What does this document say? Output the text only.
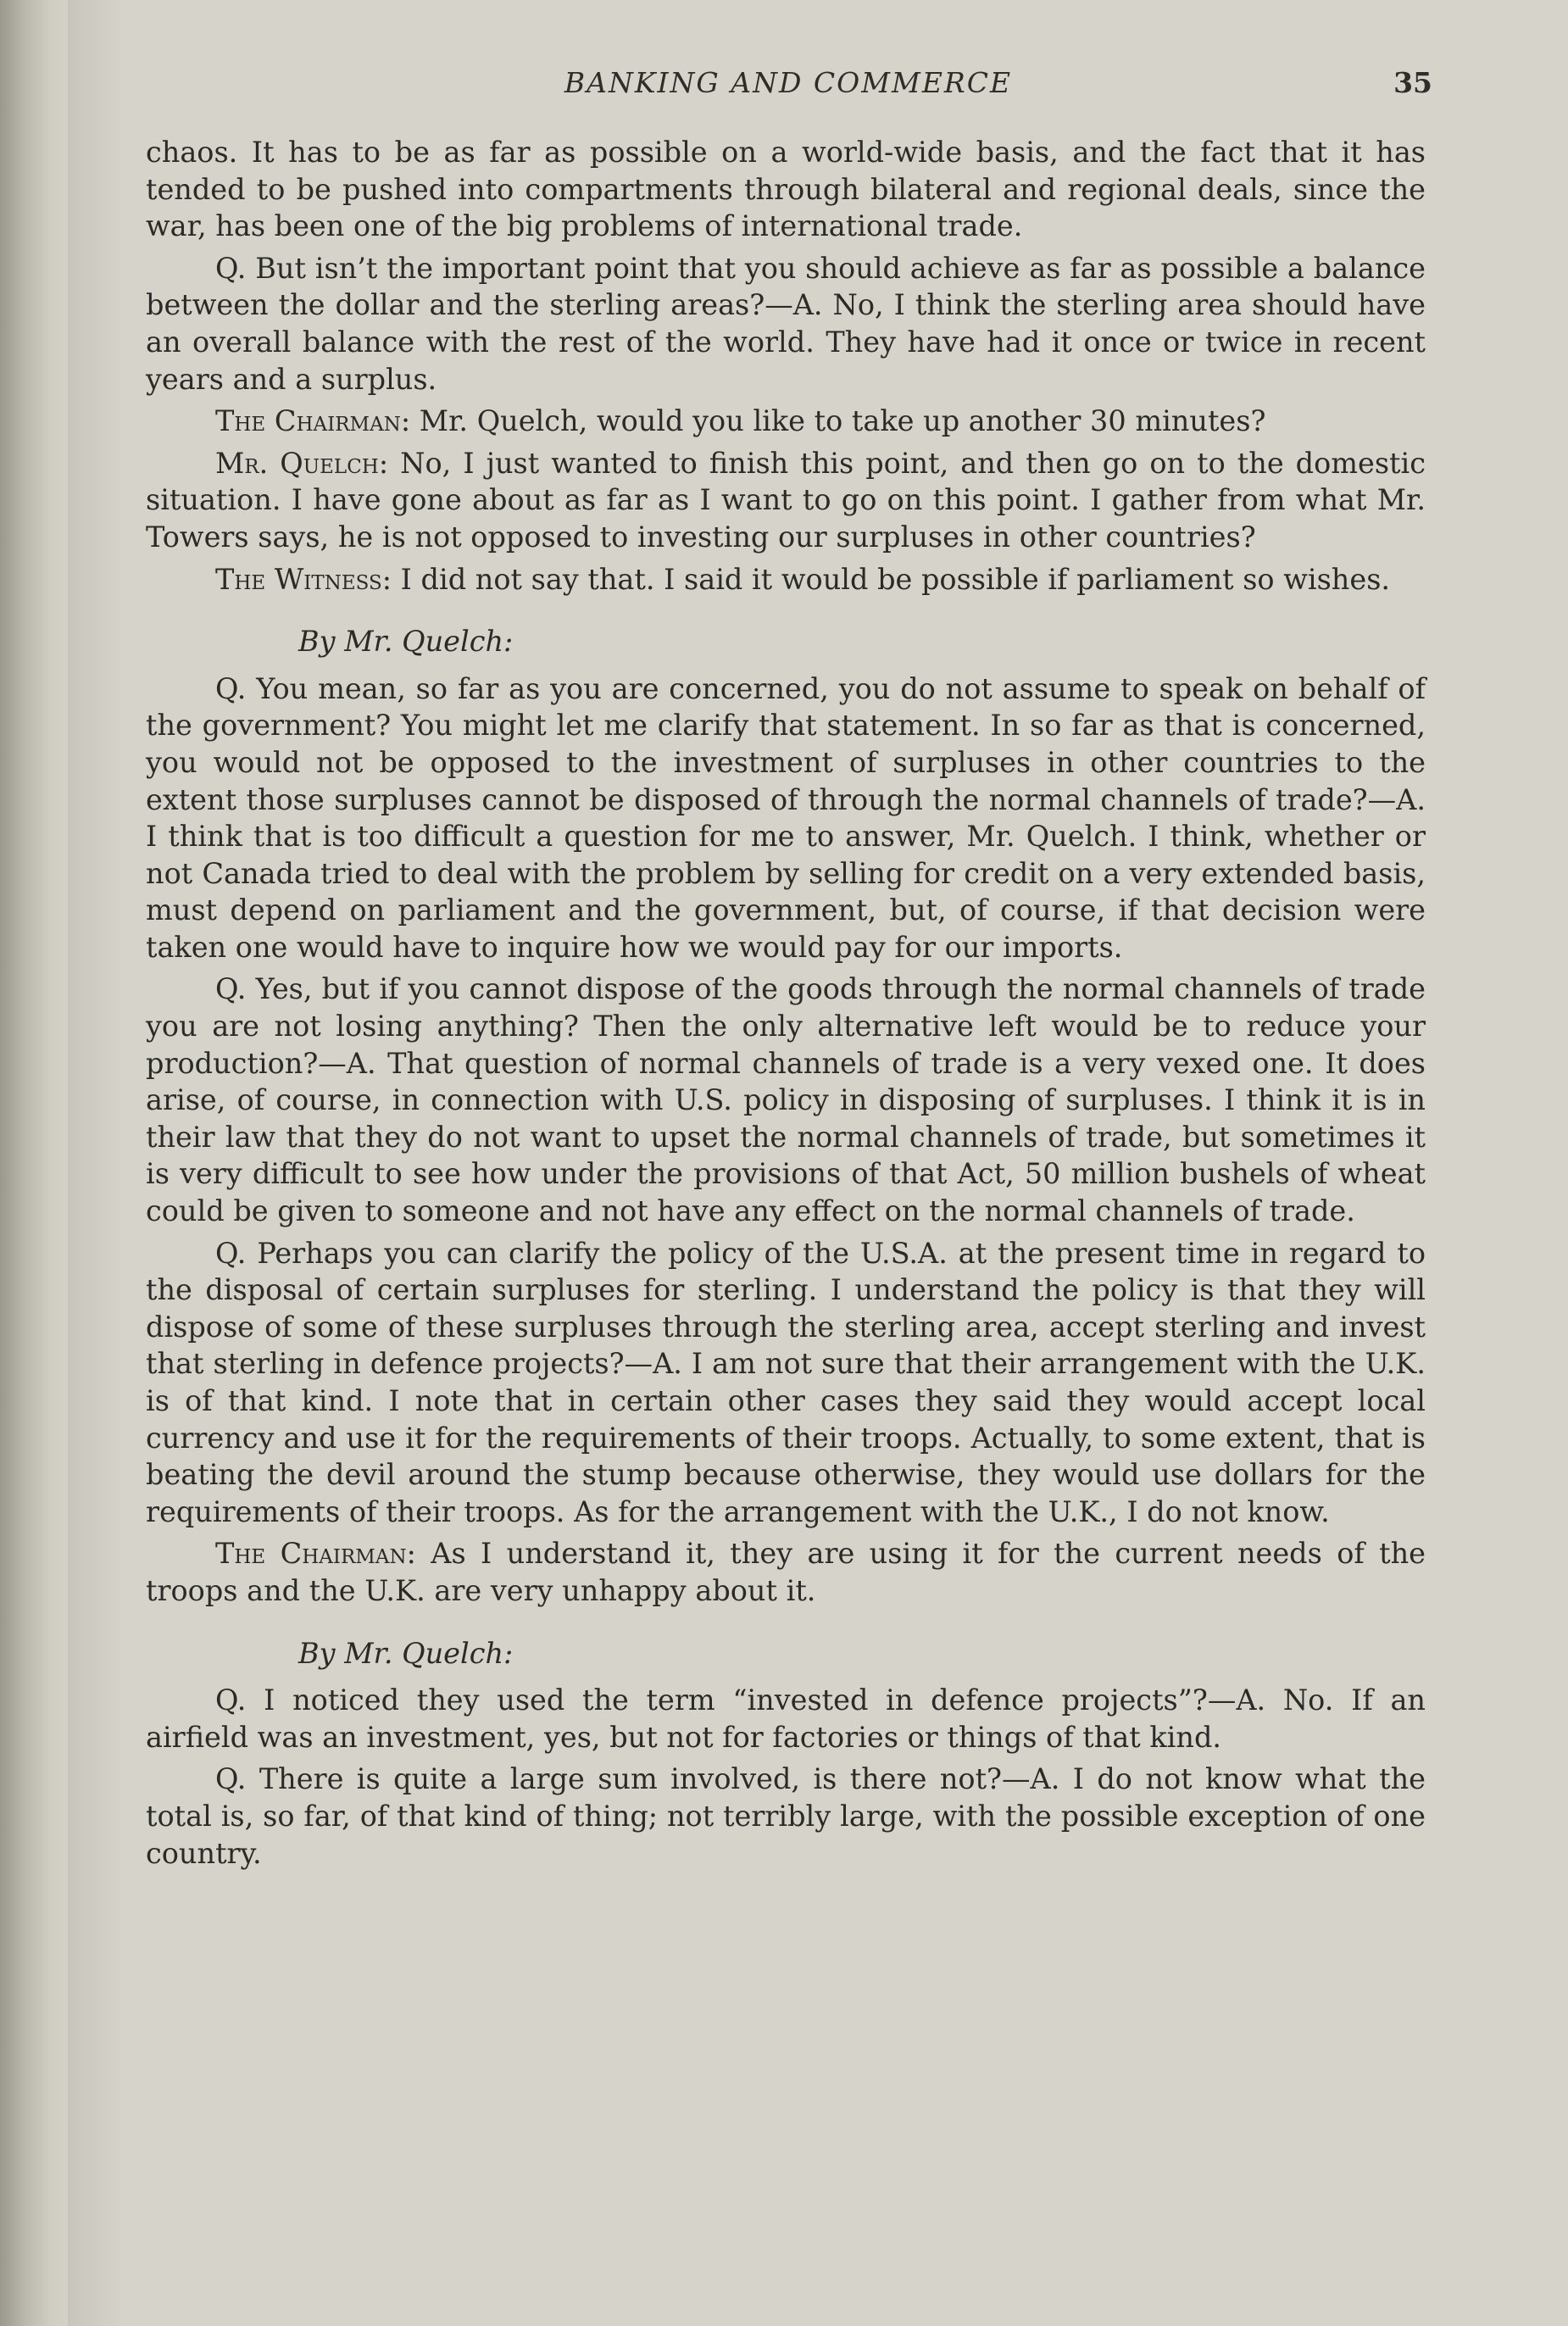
BANKING AND COMMERCE	35

chaos. It has to be as far as possible on a world-wide basis, and the fact that it has tended to be pushed into compartments through bilateral and regional deals, since the war, has been one of the big problems of international trade.

Q. But isn’t the important point that you should achieve as far as possible a balance between the dollar and the sterling areas?—A. No, I think the sterling area should have an overall balance with the rest of the world. They have had it once or twice in recent years and a surplus.

The Chairman: Mr. Quelch, would you like to take up another 30 minutes?

Mr. Quelch: No, I just wanted to finish this point, and then go on to the domestic situation. I have gone about as far as I want to go on this point. I gather from what Mr. Towers says, he is not opposed to investing our surpluses in other countries?

The Witness: I did not say that. I said it would be possible if parliament so wishes.

By Mr. Quelch:

Q. You mean, so far as you are concerned, you do not assume to speak on behalf of the government? You might let me clarify that statement. In so far as that is concerned, you would not be opposed to the investment of surpluses in other countries to the extent those surpluses cannot be disposed of through the normal channels of trade?—A. I think that is too difficult a question for me to answer, Mr. Quelch. I think, whether or not Canada tried to deal with the problem by selling for credit on a very extended basis, must depend on parliament and the government, but, of course, if that decision were taken one would have to inquire how we would pay for our imports.

Q. Yes, but if you cannot dispose of the goods through the normal channels of trade you are not losing anything? Then the only alternative left would be to reduce your production?—A. That question of normal channels of trade is a very vexed one. It does arise, of course, in connection with U.S. policy in disposing of surpluses. I think it is in their law that they do not want to upset the normal channels of trade, but sometimes it is very difficult to see how under the provisions of that Act, 50 million bushels of wheat could be given to someone and not have any effect on the normal channels of trade.

Q. Perhaps you can clarify the policy of the U.S.A. at the present time in regard to the disposal of certain surpluses for sterling. I understand the policy is that they will dispose of some of these surpluses through the sterling area, accept sterling and invest that sterling in defence projects?—A. I am not sure that their arrangement with the U.K. is of that kind. I note that in certain other cases they said they would accept local currency and use it for the requirements of their troops. Actually, to some extent, that is beating the devil around the stump because otherwise, they would use dollars for the requirements of their troops. As for the arrangement with the U.K., I do not know.

The Chairman: As I understand it, they are using it for the current needs of the troops and the U.K. are very unhappy about it.

By Mr. Quelch:

Q. I noticed they used the term “invested in defence projects”?—A. No. If an airfield was an investment, yes, but not for factories or things of that kind.

Q. There is quite a large sum involved, is there not?—A. I do not know what the total is, so far, of that kind of thing; not terribly large, with the possible exception of one country.
